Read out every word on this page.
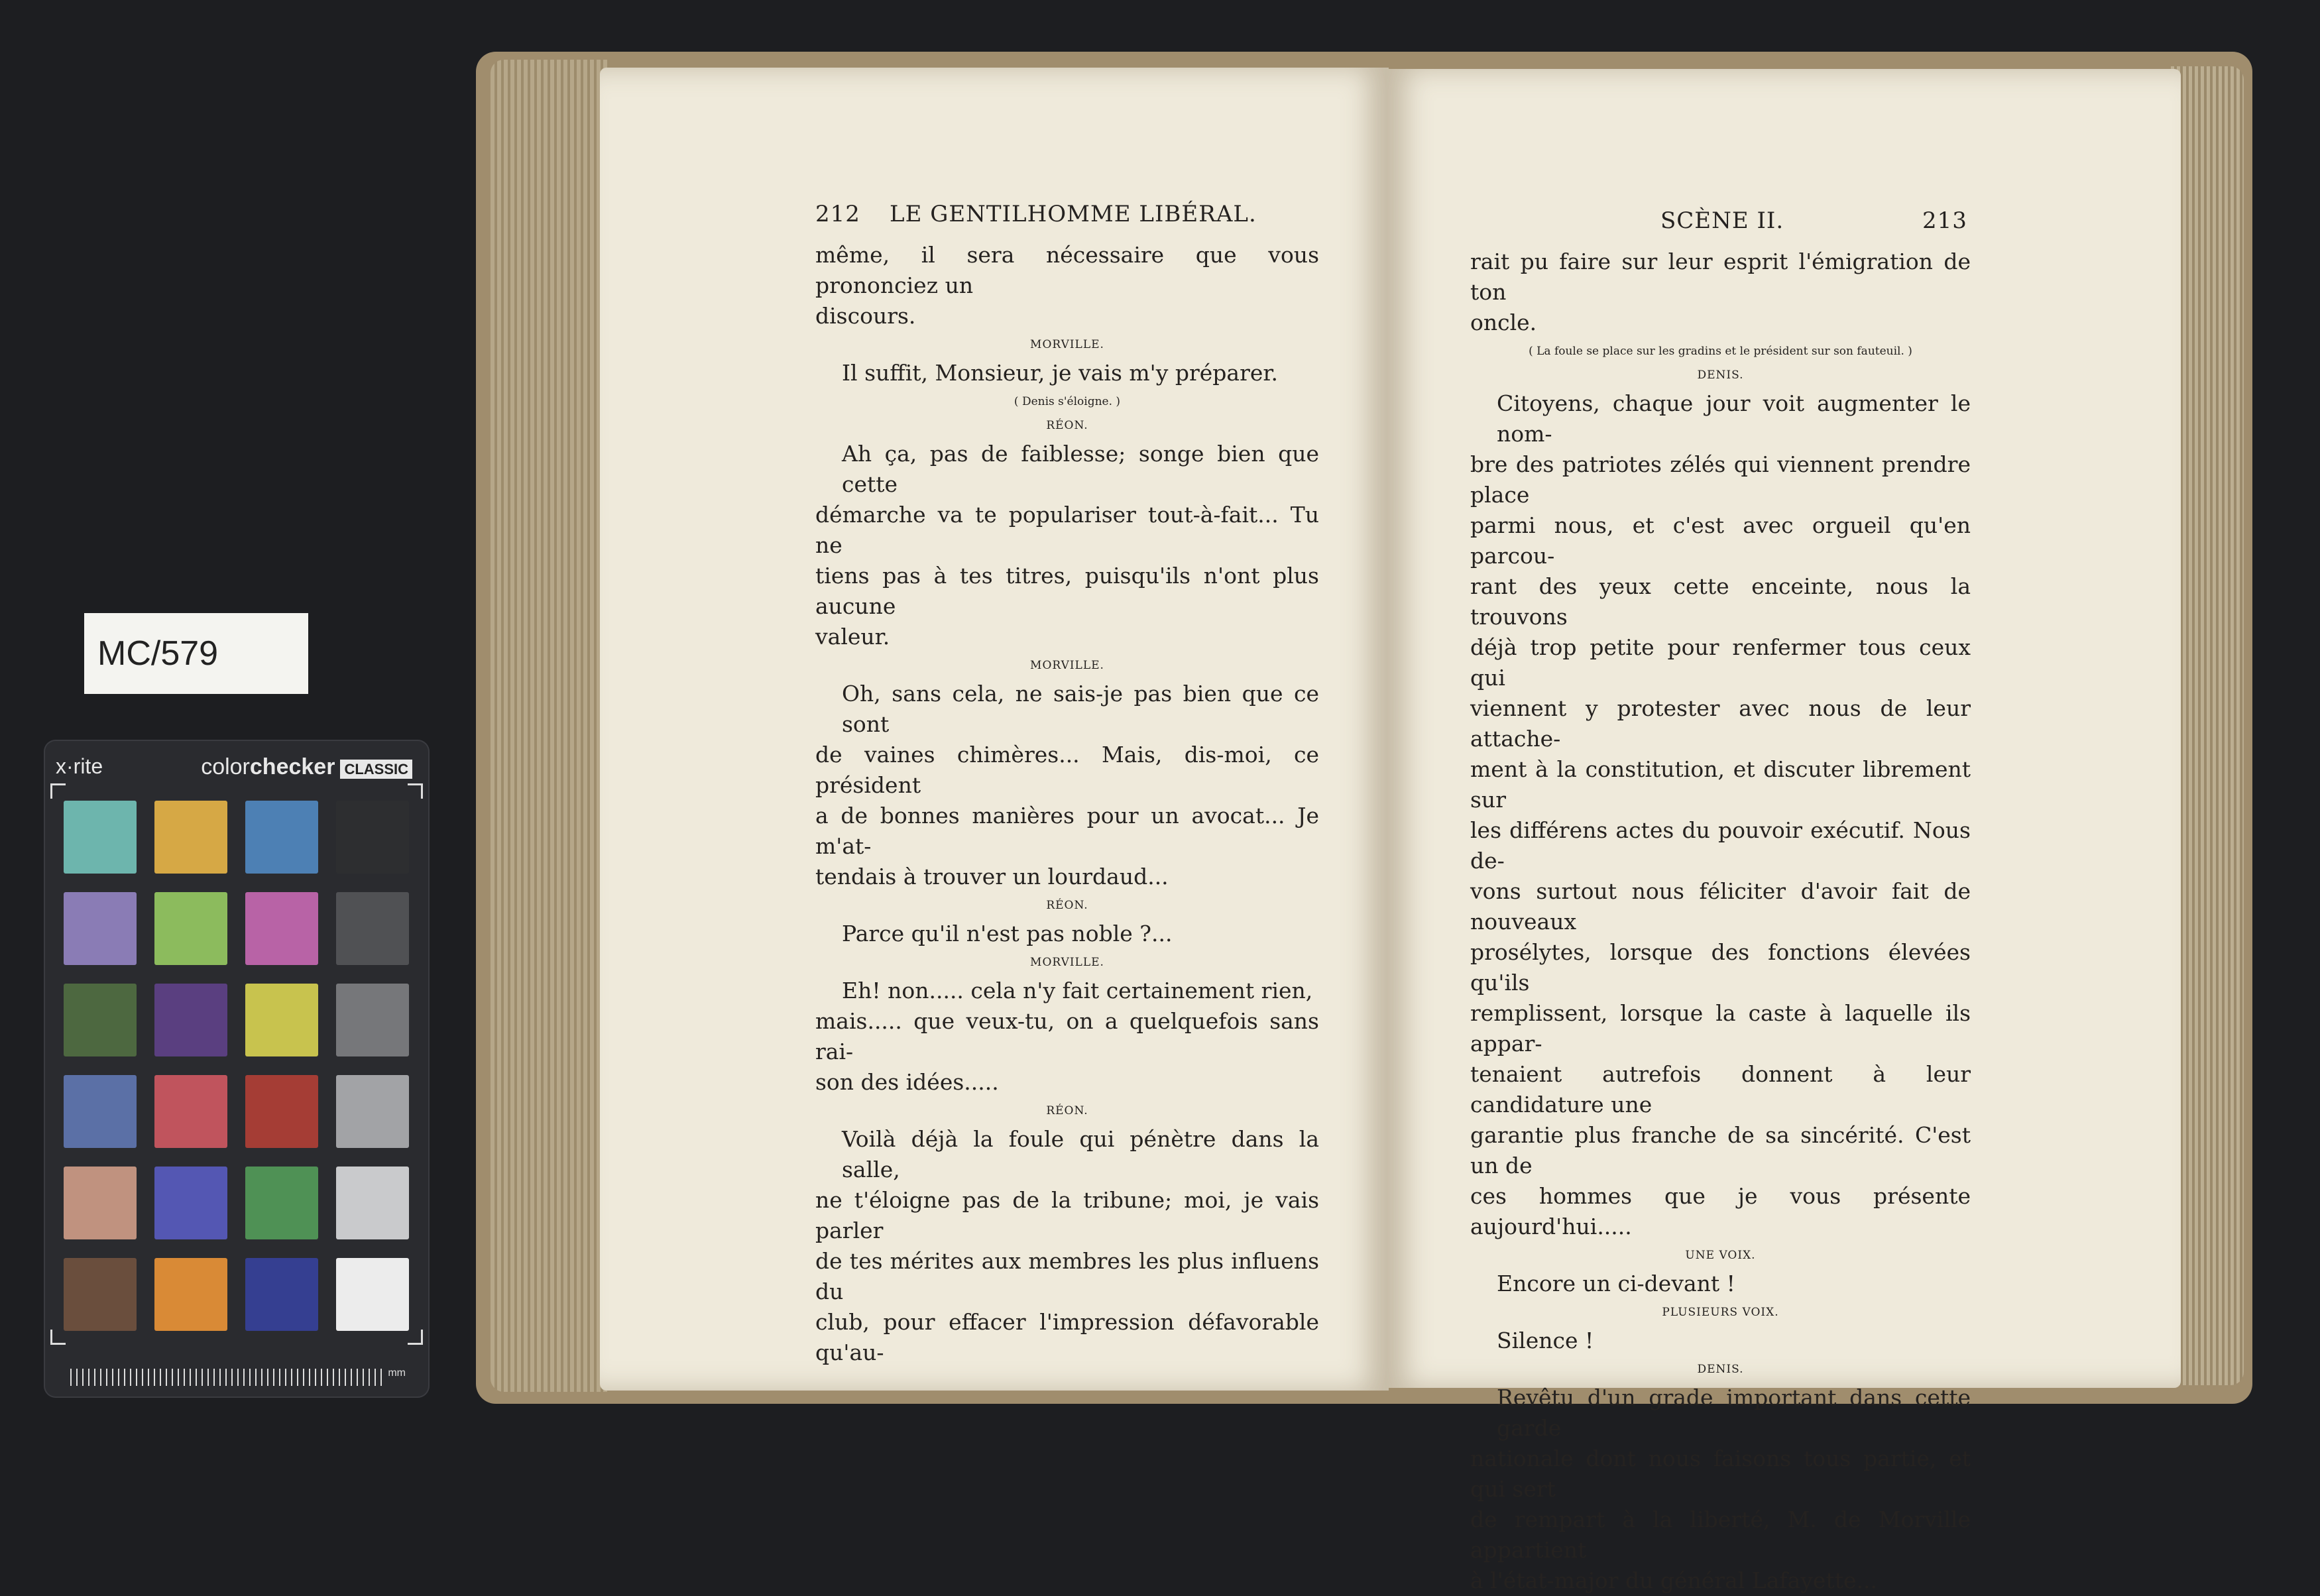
MC/579
x·rite	colorchecker CLASSIC
mm
212 LE GENTILHOMME LIBÉRAL.
même, il sera nécessaire que vous prononciez un
discours.
MORVILLE.
Il suffit, Monsieur, je vais m'y préparer.
( Denis s'éloigne. )
RÉON.
Ah ça, pas de faiblesse; songe bien que cette
démarche va te populariser tout-à-fait... Tu ne
tiens pas à tes titres, puisqu'ils n'ont plus aucune
valeur.
MORVILLE.
Oh, sans cela, ne sais-je pas bien que ce sont
de vaines chimères... Mais, dis-moi, ce président
a de bonnes manières pour un avocat... Je m'at-
tendais à trouver un lourdaud...
RÉON.
Parce qu'il n'est pas noble ?...
MORVILLE.
Eh! non..... cela n'y fait certainement rien,
mais..... que veux-tu, on a quelquefois sans rai-
son des idées.....
RÉON.
Voilà déjà la foule qui pénètre dans la salle,
ne t'éloigne pas de la tribune; moi, je vais parler
de tes mérites aux membres les plus influens du
club, pour effacer l'impression défavorable qu'au-
SCÈNE II.	213
rait pu faire sur leur esprit l'émigration de ton
oncle.
( La foule se place sur les gradins et le président sur son fauteuil. )
DENIS.
Citoyens, chaque jour voit augmenter le nom-
bre des patriotes zélés qui viennent prendre place
parmi nous, et c'est avec orgueil qu'en parcou-
rant des yeux cette enceinte, nous la trouvons
déjà trop petite pour renfermer tous ceux qui
viennent y protester avec nous de leur attache-
ment à la constitution, et discuter librement sur
les différens actes du pouvoir exécutif. Nous de-
vons surtout nous féliciter d'avoir fait de nouveaux
prosélytes, lorsque des fonctions élevées qu'ils
remplissent, lorsque la caste à laquelle ils appar-
tenaient autrefois donnent à leur candidature une
garantie plus franche de sa sincérité. C'est un de
ces hommes que je vous présente aujourd'hui.....
UNE VOIX.
Encore un ci-devant !
PLUSIEURS VOIX.
Silence !
DENIS.
Revêtu d'un grade important dans cette garde
nationale dont nous faisons tous partie, et qui sert
de rempart à la liberté, M. de Morville appartient
à l'état-major du général Lafayette...
